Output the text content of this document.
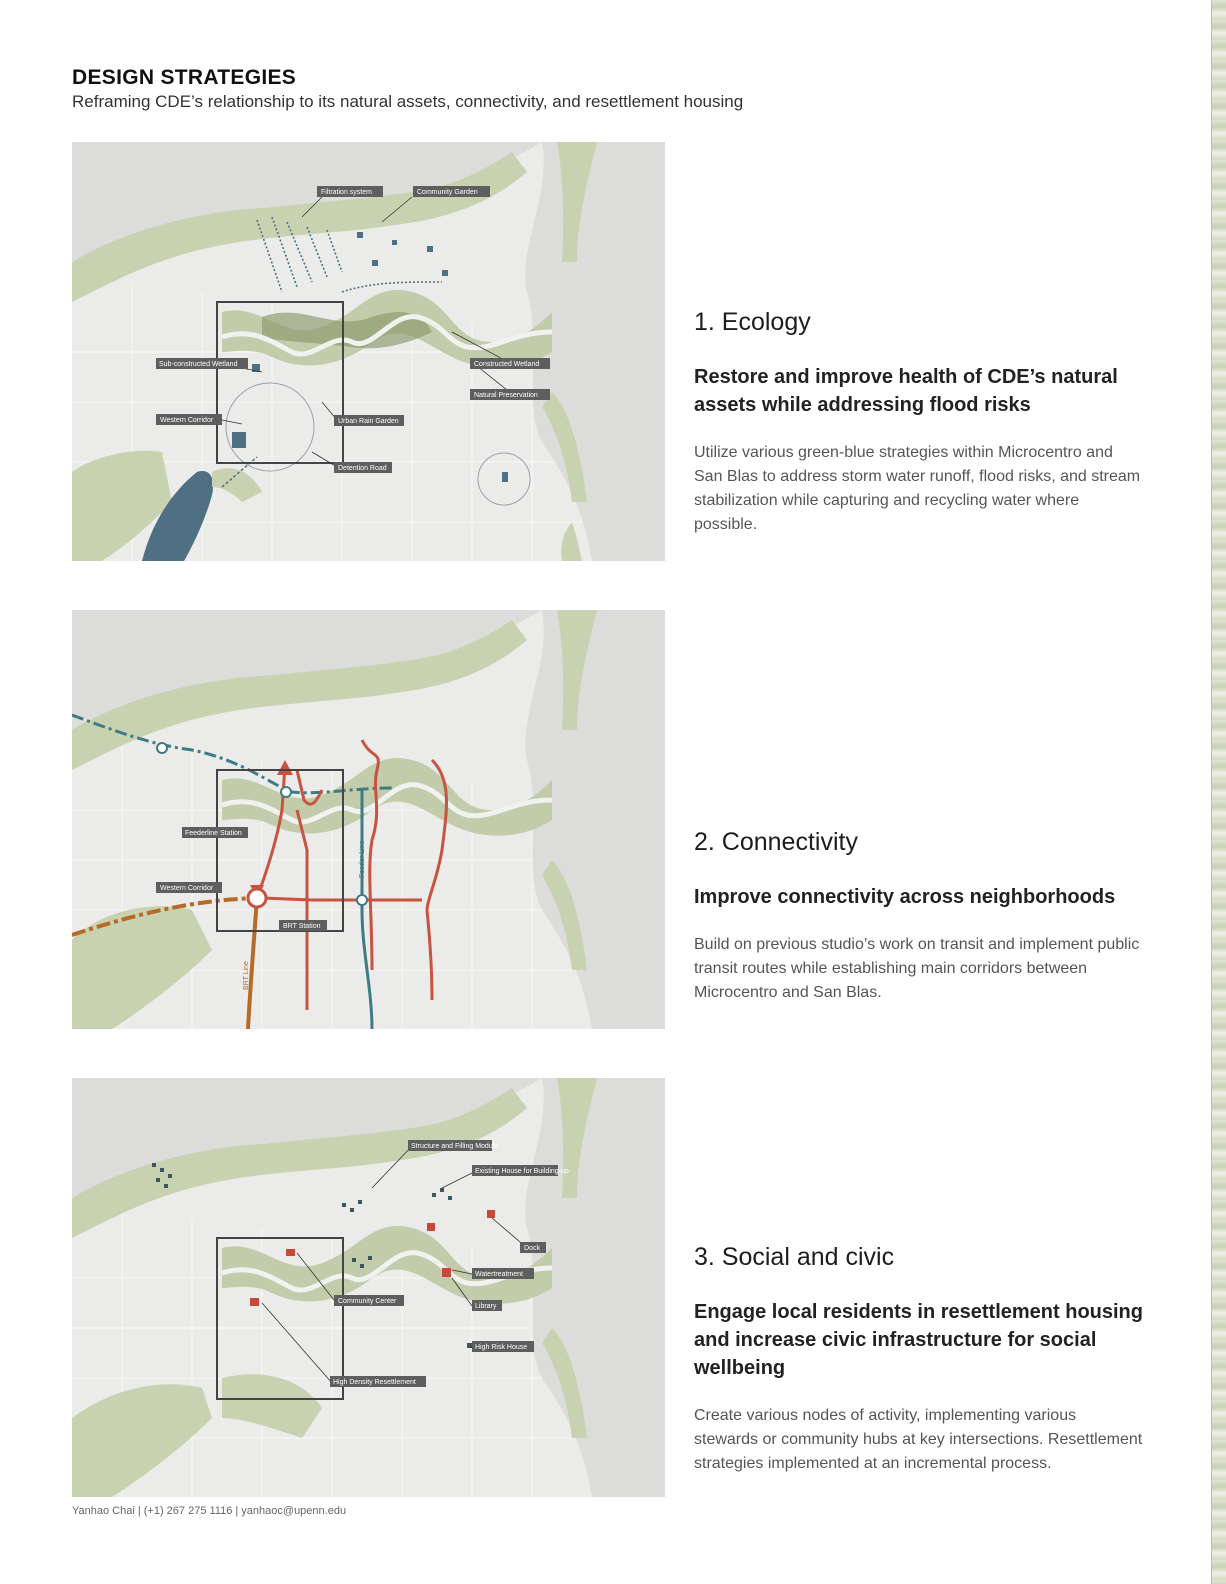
DESIGN STRATEGIES
Reframing CDE’s relationship to its natural assets, connectivity, and resettlement housing
Filtration system	Community Garden
Sub-constructed Wetland	Constructed Wetland
Natural Preservation
Western Corridor	Urban Rain Garden
Detention Road
1. Ecology
Restore and improve health of CDE’s natural assets while addressing flood risks

Utilize various green-blue strategies within Microcentro and San Blas to address storm water runoff, flood risks, and stream stabilization while capturing and recycling water where possible.

Feederline Station
Western Corridor
BRT Station
Feeder Line
BRT Line
2. Connectivity
Improve connectivity across neighborhoods

Build on previous studio’s work on transit and implement public transit routes while establishing main corridors between Microcentro and San Blas.

Structure and Filling Module
Existing House for Building-up
Dock
Watertreatment
Community Center
Library
High Risk House
High Density Resettlement
3. Social and civic
Engage local residents in resettlement housing and increase civic infrastructure for social wellbeing

Create various nodes of activity, implementing various stewards or community hubs at key intersections. Resettlement strategies implemented at an incremental process.

Yanhao Chai | (+1) 267 275 1116 | yanhaoc@upenn.edu
